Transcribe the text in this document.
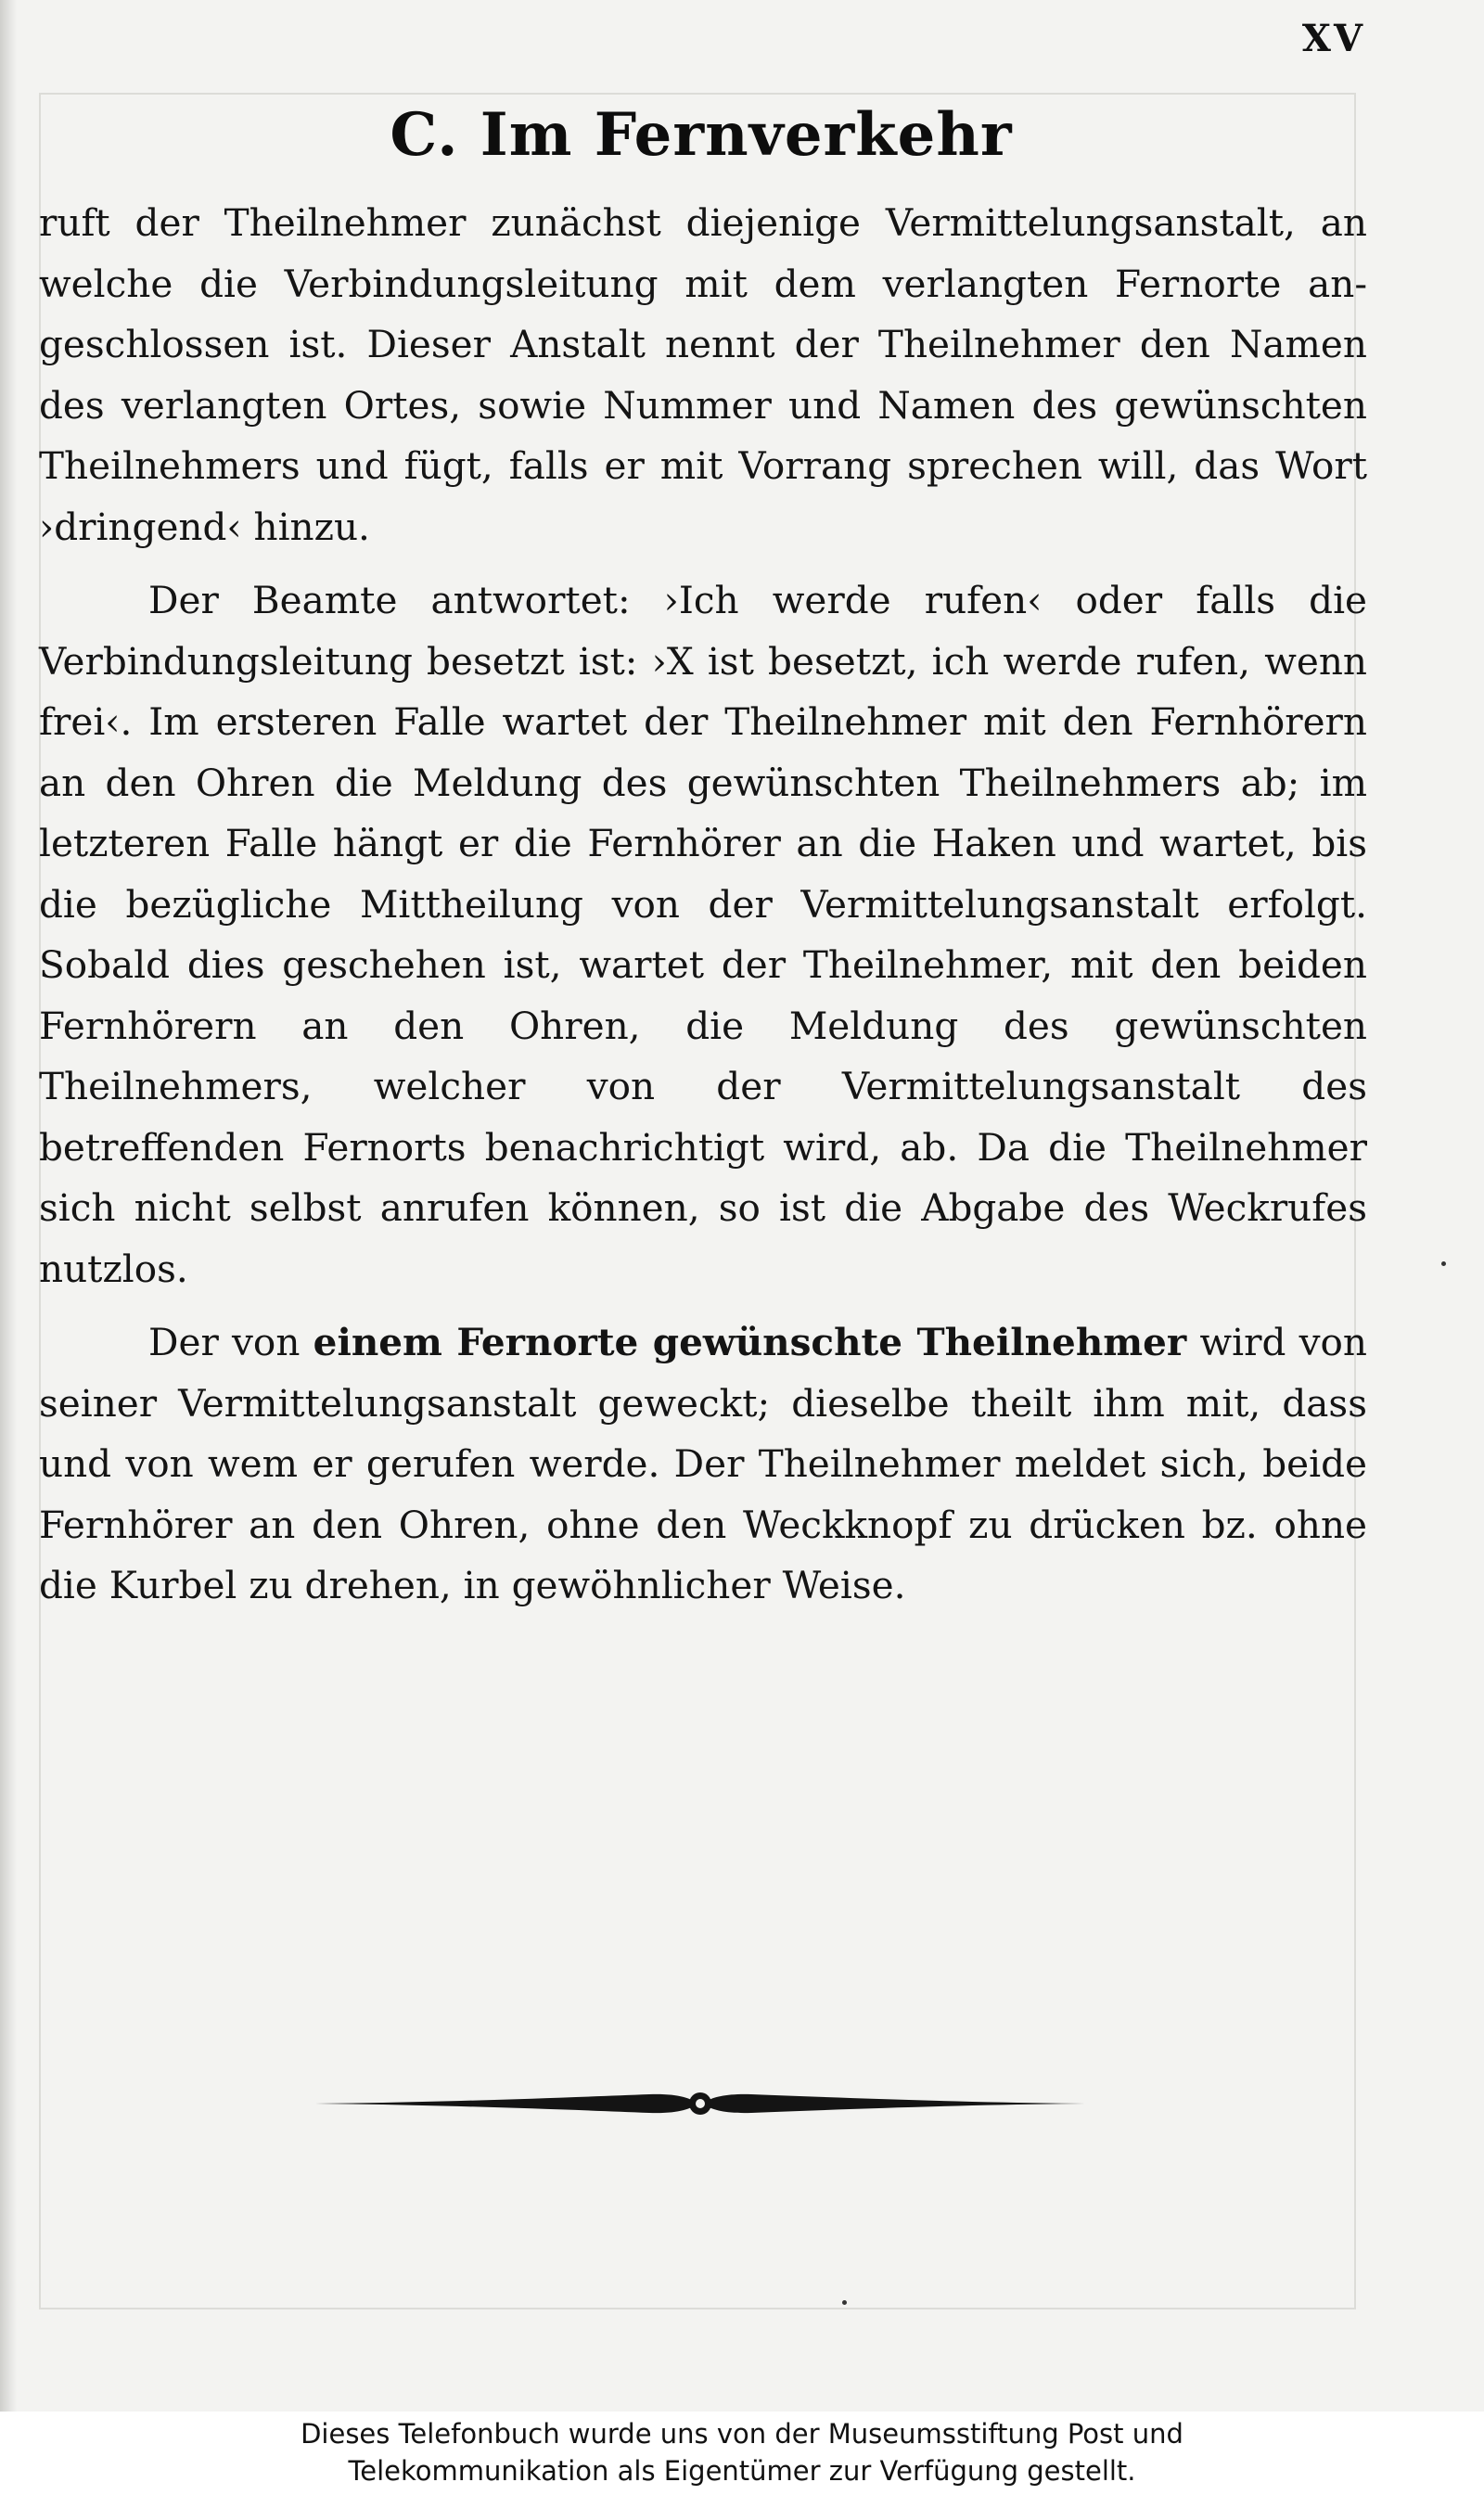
XV
C. Im Fernverkehr

ruft der Theilnehmer zunächst diejenige Vermittelungsanstalt, an welche die Verbindungsleitung mit dem verlangten Fernorte angeschlossen ist. Dieser Anstalt nennt der Theilnehmer den Namen des verlangten Ortes, sowie Nummer und Namen des gewünschten Theilnehmers und fügt, falls er mit Vorrang sprechen will, das Wort ›dringend‹ hinzu.

Der Beamte antwortet: ›Ich werde rufen‹ oder falls die Verbindungsleitung besetzt ist: ›X ist besetzt, ich werde rufen, wenn frei‹. Im ersteren Falle wartet der Theilnehmer mit den Fernhörern an den Ohren die Meldung des gewünschten Theilnehmers ab; im letzteren Falle hängt er die Fernhörer an die Haken und wartet, bis die bezügliche Mittheilung von der Vermittelungsanstalt erfolgt. Sobald dies geschehen ist, wartet der Theilnehmer, mit den beiden Fernhörern an den Ohren, die Meldung des gewünschten Theilnehmers, welcher von der Vermittelungsanstalt des betreffenden Fernorts benachrichtigt wird, ab. Da die Theilnehmer sich nicht selbst anrufen können, so ist die Abgabe des Weckrufes nutzlos.

Der von einem Fernorte gewünschte Theilnehmer wird von seiner Vermittelungsanstalt geweckt; dieselbe theilt ihm mit, dass und von wem er gerufen werde. Der Theilnehmer meldet sich, beide Fernhörer an den Ohren, ohne den Weckknopf zu drücken bz. ohne die Kurbel zu drehen, in gewöhnlicher Weise.

Dieses Telefonbuch wurde uns von der Museumsstiftung Post und
Telekommunikation als Eigentümer zur Verfügung gestellt.
